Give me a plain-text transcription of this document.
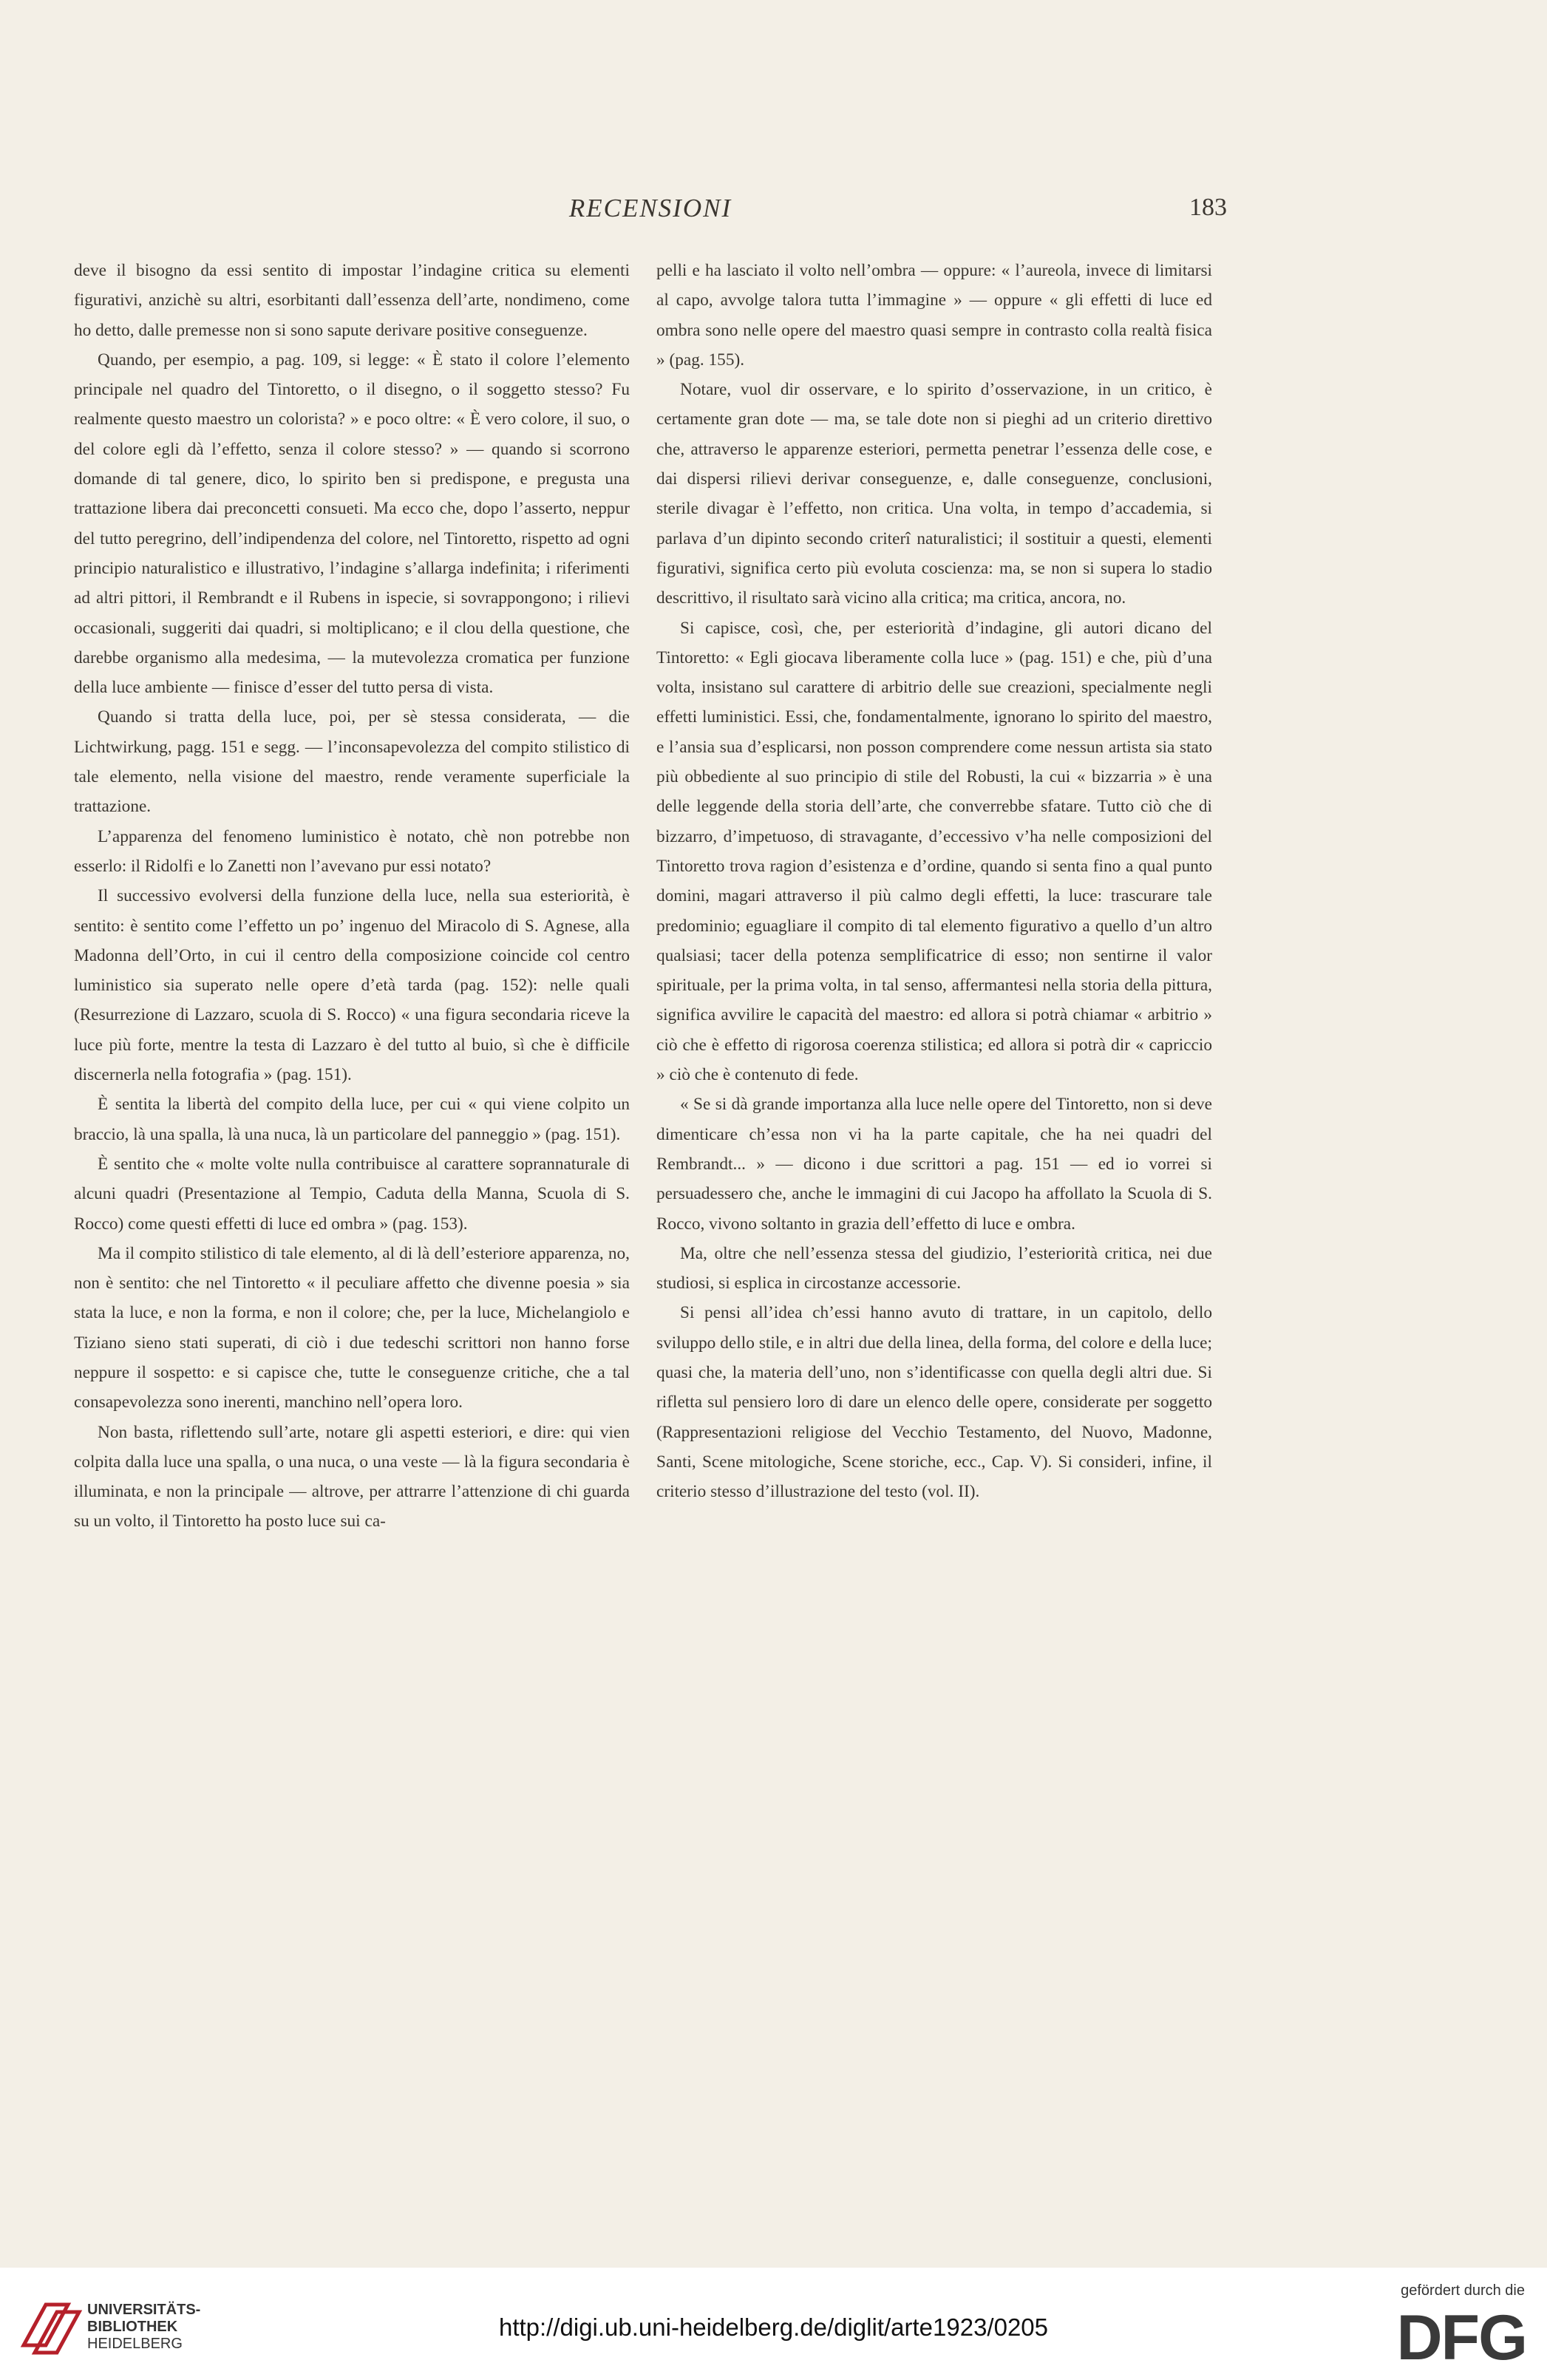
RECENSIONI	183

deve il bisogno da essi sentito di impostar l’indagine critica su elementi figurativi, anzichè su altri, esorbitanti dall’essenza dell’arte, nondimeno, come ho detto, dalle premesse non si sono sapute derivare positive conseguenze.

Quando, per esempio, a pag. 109, si legge: « È stato il colore l’elemento principale nel quadro del Tintoretto, o il disegno, o il soggetto stesso? Fu realmente questo maestro un colorista? » e poco oltre: « È vero colore, il suo, o del colore egli dà l’effetto, senza il colore stesso? » — quando si scorrono domande di tal genere, dico, lo spirito ben si predispone, e pregusta una trattazione libera dai preconcetti consueti. Ma ecco che, dopo l’asserto, neppur del tutto peregrino, dell’indipendenza del colore, nel Tintoretto, rispetto ad ogni principio naturalistico e illustrativo, l’indagine s’allarga indefinita; i riferimenti ad altri pittori, il Rembrandt e il Rubens in ispecie, si sovrappongono; i rilievi occasionali, suggeriti dai quadri, si moltiplicano; e il clou della questione, che darebbe organismo alla medesima, — la mutevolezza cromatica per funzione della luce ambiente — finisce d’esser del tutto persa di vista.

Quando si tratta della luce, poi, per sè stessa considerata, — die Lichtwirkung, pagg. 151 e segg. — l’inconsapevolezza del compito stilistico di tale elemento, nella visione del maestro, rende veramente superficiale la trattazione.

L’apparenza del fenomeno luministico è notato, chè non potrebbe non esserlo: il Ridolfi e lo Zanetti non l’avevano pur essi notato?

Il successivo evolversi della funzione della luce, nella sua esteriorità, è sentito: è sentito come l’effetto un po’ ingenuo del Miracolo di S. Agnese, alla Madonna dell’Orto, in cui il centro della composizione coincide col centro luministico sia superato nelle opere d’età tarda (pag. 152): nelle quali (Resurrezione di Lazzaro, scuola di S. Rocco) « una figura secondaria riceve la luce più forte, mentre la testa di Lazzaro è del tutto al buio, sì che è difficile discernerla nella fotografia » (pag. 151).

È sentita la libertà del compito della luce, per cui « qui viene colpito un braccio, là una spalla, là una nuca, là un particolare del panneggio » (pag. 151).

È sentito che « molte volte nulla contribuisce al carattere soprannaturale di alcuni quadri (Presentazione al Tempio, Caduta della Manna, Scuola di S. Rocco) come questi effetti di luce ed ombra » (pag. 153).

Ma il compito stilistico di tale elemento, al di là dell’esteriore apparenza, no, non è sentito: che nel Tintoretto « il peculiare affetto che divenne poesia » sia stata la luce, e non la forma, e non il colore; che, per la luce, Michelangiolo e Tiziano sieno stati superati, di ciò i due tedeschi scrittori non hanno forse neppure il sospetto: e si capisce che, tutte le conseguenze critiche, che a tal consapevolezza sono inerenti, manchino nell’opera loro.

Non basta, riflettendo sull’arte, notare gli aspetti esteriori, e dire: qui vien colpita dalla luce una spalla, o una nuca, o una veste — là la figura secondaria è illuminata, e non la principale — altrove, per attrarre l’attenzione di chi guarda su un volto, il Tintoretto ha posto luce sui ca-

pelli e ha lasciato il volto nell’ombra — oppure: « l’aureola, invece di limitarsi al capo, avvolge talora tutta l’immagine » — oppure « gli effetti di luce ed ombra sono nelle opere del maestro quasi sempre in contrasto colla realtà fisica » (pag. 155).

Notare, vuol dir osservare, e lo spirito d’osservazione, in un critico, è certamente gran dote — ma, se tale dote non si pieghi ad un criterio direttivo che, attraverso le apparenze esteriori, permetta penetrar l’essenza delle cose, e dai dispersi rilievi derivar conseguenze, e, dalle conseguenze, conclusioni, sterile divagar è l’effetto, non critica. Una volta, in tempo d’accademia, si parlava d’un dipinto secondo criterî naturalistici; il sostituir a questi, elementi figurativi, significa certo più evoluta coscienza: ma, se non si supera lo stadio descrittivo, il risultato sarà vicino alla critica; ma critica, ancora, no.

Si capisce, così, che, per esteriorità d’indagine, gli autori dicano del Tintoretto: « Egli giocava liberamente colla luce » (pag. 151) e che, più d’una volta, insistano sul carattere di arbitrio delle sue creazioni, specialmente negli effetti luministici. Essi, che, fondamentalmente, ignorano lo spirito del maestro, e l’ansia sua d’esplicarsi, non posson comprendere come nessun artista sia stato più obbediente al suo principio di stile del Robusti, la cui « bizzarria » è una delle leggende della storia dell’arte, che converrebbe sfatare. Tutto ciò che di bizzarro, d’impetuoso, di stravagante, d’eccessivo v’ha nelle composizioni del Tintoretto trova ragion d’esistenza e d’ordine, quando si senta fino a qual punto domini, magari attraverso il più calmo degli effetti, la luce: trascurare tale predominio; eguagliare il compito di tal elemento figurativo a quello d’un altro qualsiasi; tacer della potenza semplificatrice di esso; non sentirne il valor spirituale, per la prima volta, in tal senso, affermantesi nella storia della pittura, significa avvilire le capacità del maestro: ed allora si potrà chiamar « arbitrio » ciò che è effetto di rigorosa coerenza stilistica; ed allora si potrà dir « capriccio » ciò che è contenuto di fede.

« Se si dà grande importanza alla luce nelle opere del Tintoretto, non si deve dimenticare ch’essa non vi ha la parte capitale, che ha nei quadri del Rembrandt... » — dicono i due scrittori a pag. 151 — ed io vorrei si persuadessero che, anche le immagini di cui Jacopo ha affollato la Scuola di S. Rocco, vivono soltanto in grazia dell’effetto di luce e ombra.

Ma, oltre che nell’essenza stessa del giudizio, l’esteriorità critica, nei due studiosi, si esplica in circostanze accessorie.

Si pensi all’idea ch’essi hanno avuto di trattare, in un capitolo, dello sviluppo dello stile, e in altri due della linea, della forma, del colore e della luce; quasi che, la materia dell’uno, non s’identificasse con quella degli altri due. Si rifletta sul pensiero loro di dare un elenco delle opere, considerate per soggetto (Rappresentazioni religiose del Vecchio Testamento, del Nuovo, Madonne, Santi, Scene mitologiche, Scene storiche, ecc., Cap. V). Si consideri, infine, il criterio stesso d’illustrazione del testo (vol. II).

UNIVERSITÄTS-
BIBLIOTHEK
HEIDELBERG
http://digi.ub.uni-heidelberg.de/diglit/arte1923/0205
gefördert durch die
DFG
